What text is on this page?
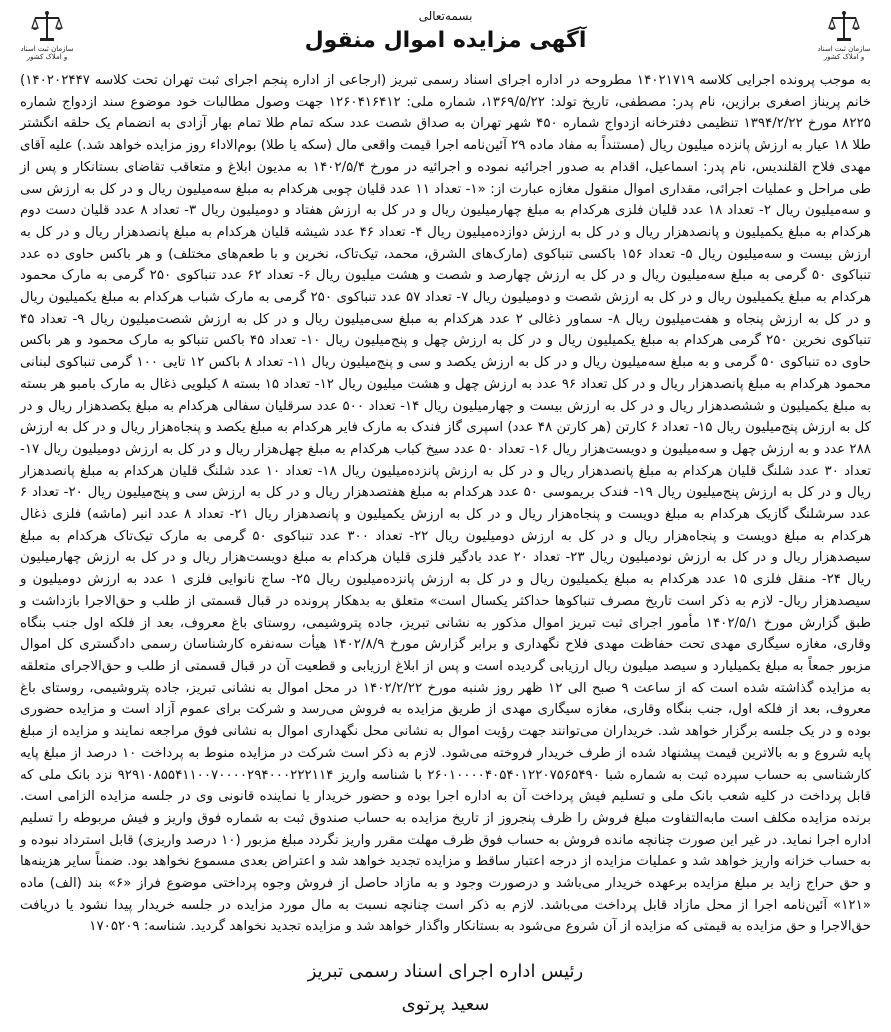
سازمان ثبت اسناد و املاک کشور
سازمان ثبت اسناد و املاک کشور
بسمه‌تعالی
آگهی مزایده اموال منقول
به موجب پرونده اجرایی کلاسه ۱۴۰۲۱۷۱۹ مطروحه در اداره اجرای اسناد رسمی تبریز (ارجاعی از اداره پنجم اجرای ثبت تهران تحت کلاسه ۱۴۰۲۰۲۴۴۷) خانم پریناز اصغری برازین، نام پدر: مصطفی، تاریخ تولد: ۱۳۶۹/۵/۲۲، شماره ملی: ۱۲۶۰۴۱۶۴۱۲ جهت وصول مطالبات خود موضوع سند ازدواج شماره ۸۲۲۵ مورخ ۱۳۹۴/۲/۲۲ تنظیمی دفترخانه ازدواج شماره ۴۵۰ شهر تهران به صداق شصت عدد سکه تمام طلا تمام بهار آزادی به انضمام یک حلقه انگشتر طلا ۱۸ عیار به ارزش پانزده میلیون ریال (مستنداً به مفاد ماده ۲۹ آئین‌نامه اجرا قیمت واقعی مال (سکه یا طلا) بوم‌الاداء روز مزایده خواهد شد.) علیه آقای مهدی فلاح القلندیس، نام پدر: اسماعیل، اقدام به صدور اجرائیه نموده و اجرائیه در مورخ ۱۴۰۲/۵/۴ به مدیون ابلاغ و متعاقب تقاضای بستانکار و پس از طی مراحل و عملیات اجرائی، مقداری اموال منقول مغازه عبارت از: «۱- تعداد ۱۱ عدد قلیان چوبی هرکدام به مبلغ سه‌میلیون ریال و در کل به ارزش سی و سه‌میلیون ریال ۲- تعداد ۱۸ عدد قلیان فلزی هرکدام به مبلغ چهارمیلیون ریال و در کل به ارزش هفتاد و دومیلیون ریال ۳- تعداد ۸ عدد قلیان دست دوم هرکدام به مبلغ یکمیلیون و پانصدهزار ریال و در کل به ارزش دوازده‌میلیون ریال ۴- تعداد ۴۶ عدد شیشه قلیان هرکدام به مبلغ پانصدهزار ریال و در کل به ارزش بیست و سه‌میلیون ریال ۵- تعداد ۱۵۶ باکسی تنباکوی (مارک‌های الشرق، محمد، تیک‌تاک، نخرین و با طعم‌های مختلف) و هر باکس حاوی ده عدد تنباکوی ۵۰ گرمی به مبلغ سه‌میلیون ریال و در کل به ارزش چهارصد و شصت و هشت میلیون ریال ۶- تعداد ۶۲ عدد تنباکوی ۲۵۰ گرمی به مارک محمود هرکدام به مبلغ یکمیلیون ریال و در کل به ارزش شصت و دومیلیون ریال ۷- تعداد ۵۷ عدد تنباکوی ۲۵۰ گرمی به مارک شباب هرکدام به مبلغ یکمیلیون ریال و در کل به ارزش پنجاه و هفت‌میلیون ریال ۸- سماور ذغالی ۲ عدد هرکدام به مبلغ سی‌میلیون ریال و در کل به ارزش شصت‌میلیون ریال ۹- تعداد ۴۵ تنباکوی نخرین ۲۵۰ گرمی هرکدام به مبلغ یکمیلیون ریال و در کل به ارزش چهل و پنج‌میلیون ریال ۱۰- تعداد ۴۵ باکس تنباکو به مارک محمود و هر باکس حاوی ده تنباکوی ۵۰ گرمی و به مبلغ سه‌میلیون ریال و در کل به ارزش یکصد و سی و پنج‌میلیون ریال ۱۱- تعداد ۸ باکس ۱۲ تایی ۱۰۰ گرمی تنباکوی لبنانی محمود هرکدام به مبلغ پانصدهزار ریال و در کل تعداد ۹۶ عدد به ارزش چهل و هشت میلیون ریال ۱۲- تعداد ۱۵ بسته ۸ کیلویی ذغال به مارک بامبو هر بسته به مبلغ یکمیلیون و ششصدهزار ریال و در کل به ارزش بیست و چهارمیلیون ریال ۱۴- تعداد ۵۰۰ عدد سرقلیان سفالی هرکدام به مبلغ یکصدهزار ریال و در کل به ارزش پنج‌میلیون ریال ۱۵- تعداد ۶ کارتن (هر کارتن ۴۸ عدد) اسپری گاز فندک به مارک فایر هرکدام به مبلغ یکصد و پنجاه‌هزار ریال و در کل به ارزش ۲۸۸ عدد و به ارزش چهل و سه‌میلیون و دویست‌هزار ریال ۱۶- تعداد ۵۰ عدد سیخ کباب هرکدام به مبلغ چهل‌هزار ریال و در کل به ارزش دومیلیون ریال ۱۷- تعداد ۳۰ عدد شلنگ قلیان هرکدام به مبلغ پانصدهزار ریال و در کل به ارزش پانزده‌میلیون ریال ۱۸- تعداد ۱۰ عدد شلنگ قلیان هرکدام به مبلغ پانصدهزار ریال و در کل به ارزش پنج‌میلیون ریال ۱۹- فندک بریموسی ۵۰ عدد هرکدام به مبلغ هفتصدهزار ریال و در کل به ارزش سی و پنج‌میلیون ریال ۲۰- تعداد ۶ عدد سرشلنگ گازیک هرکدام به مبلغ دویست و پنجاه‌هزار ریال و در کل به ارزش یکمیلیون و پانصدهزار ریال ۲۱- تعداد ۸ عدد انبر (ماشه) فلزی ذغال هرکدام به مبلغ دویست و پنجاه‌هزار ریال و در کل به ارزش دومیلیون ریال ۲۲- تعداد ۳۰۰ عدد تنباکوی ۵۰ گرمی به مارک تیک‌تاک هرکدام به مبلغ سیصدهزار ریال و در کل به ارزش نودمیلیون ریال ۲۳- تعداد ۲۰ عدد بادگیر فلزی قلیان هرکدام به مبلغ دویست‌هزار ریال و در کل به ارزش چهارمیلیون ریال ۲۴- منقل فلزی ۱۵ عدد هرکدام به مبلغ یکمیلیون ریال و در کل به ارزش پانزده‌میلیون ریال ۲۵- ساج نانوایی فلزی ۱ عدد به ارزش دومیلیون و سیصدهزار ریال- لازم به ذکر است تاریخ مصرف تنباکوها حداکثر یکسال است» متعلق به بدهکار پرونده در قبال قسمتی از طلب و حق‌الاجرا بازداشت و طبق گزارش مورخ ۱۴۰۲/۵/۱ مأمور اجرای ثبت تبریز اموال مذکور به نشانی تبریز، جاده پتروشیمی، روستای باغ معروف، بعد از فلکه اول جنب بنگاه وقاری، مغازه سیگاری مهدی تحت حفاظت مهدی فلاح نگهداری و برابر گزارش مورخ ۱۴۰۲/۸/۹ هیأت سه‌نفره کارشناسان رسمی دادگستری کل اموال مزبور جمعاً به مبلغ یکمیلیارد و سیصد میلیون ریال ارزیابی گردیده است و پس از ابلاغ ارزیابی و قطعیت آن در قبال قسمتی از طلب و حق‌الاجرای متعلقه به مزایده گذاشته شده است که از ساعت ۹ صبح الی ۱۲ ظهر روز شنبه مورخ ۱۴۰۲/۲/۲۲ در محل اموال به نشانی تبریز، جاده پتروشیمی، روستای باغ معروف، بعد از فلکه اول، جنب بنگاه وقاری، مغازه سیگاری مهدی از طریق مزایده به فروش می‌رسد و شرکت برای عموم آزاد است و مزایده حضوری بوده و در یک جلسه برگزار خواهد شد. خریداران می‌توانند جهت رؤیت اموال به نشانی محل نگهداری اموال به نشانی فوق مراجعه نمایند و مزایده از مبلغ پایه شروع و به بالاترین قیمت پیشنهاد شده از طرف خریدار فروخته می‌شود. لازم به ذکر است شرکت در مزایده منوط به پرداخت ۱۰ درصد از مبلغ پایه کارشناسی به حساب سپرده ثبت به شماره شبا ۲۶۰۱۰۰۰۰۴۰۵۴۰۱۲۲۰۷۵۶۵۴۹۰ با شناسه واریز ۹۲۹۱۰۸۵۵۴۱۱۰۰۷۰۰۰۰۲۹۴۰۰۰۲۲۲۱۱۴ نزد بانک ملی که قابل پرداخت در کلیه شعب بانک ملی و تسلیم فیش پرداخت آن به اداره اجرا بوده و حضور خریدار یا نماینده قانونی وی در جلسه مزایده الزامی است. برنده مزایده مکلف است مابه‌التفاوت مبلغ فروش را ظرف پنجروز از تاریخ مزایده به حساب صندوق ثبت به شماره فوق واریز و فیش مربوطه را تسلیم اداره اجرا نماید. در غیر این صورت چنانچه مانده فروش به حساب فوق ظرف مهلت مقرر واریز نگردد مبلغ مزبور (۱۰ درصد واریزی) قابل استرداد نبوده و به حساب خزانه واریز خواهد شد و عملیات مزایده از درجه اعتبار ساقط و مزایده تجدید خواهد شد و اعتراض بعدی مسموع نخواهد بود. ضمناً سایر هزینه‌ها و حق حراج زاید بر مبلغ مزایده برعهده خریدار می‌باشد و درصورت وجود و به مازاد حاصل از فروش وجوه پرداختی موضوع فراز «۶» بند (الف) ماده «۱۲۱» آئین‌نامه اجرا از محل مازاد قابل پرداخت می‌باشد. لازم به ذکر است چنانچه نسبت به مال مورد مزایده در جلسه خریدار پیدا نشود یا دریافت حق‌الاجرا و حق مزایده به قیمتی که مزایده از آن شروع می‌شود به بستانکار واگذار خواهد شد و مزایده تجدید نخواهد گردید. شناسه: ۱۷۰۵۲۰۹
رئیس اداره اجرای اسناد رسمی تبریز
سعید پرتوی
